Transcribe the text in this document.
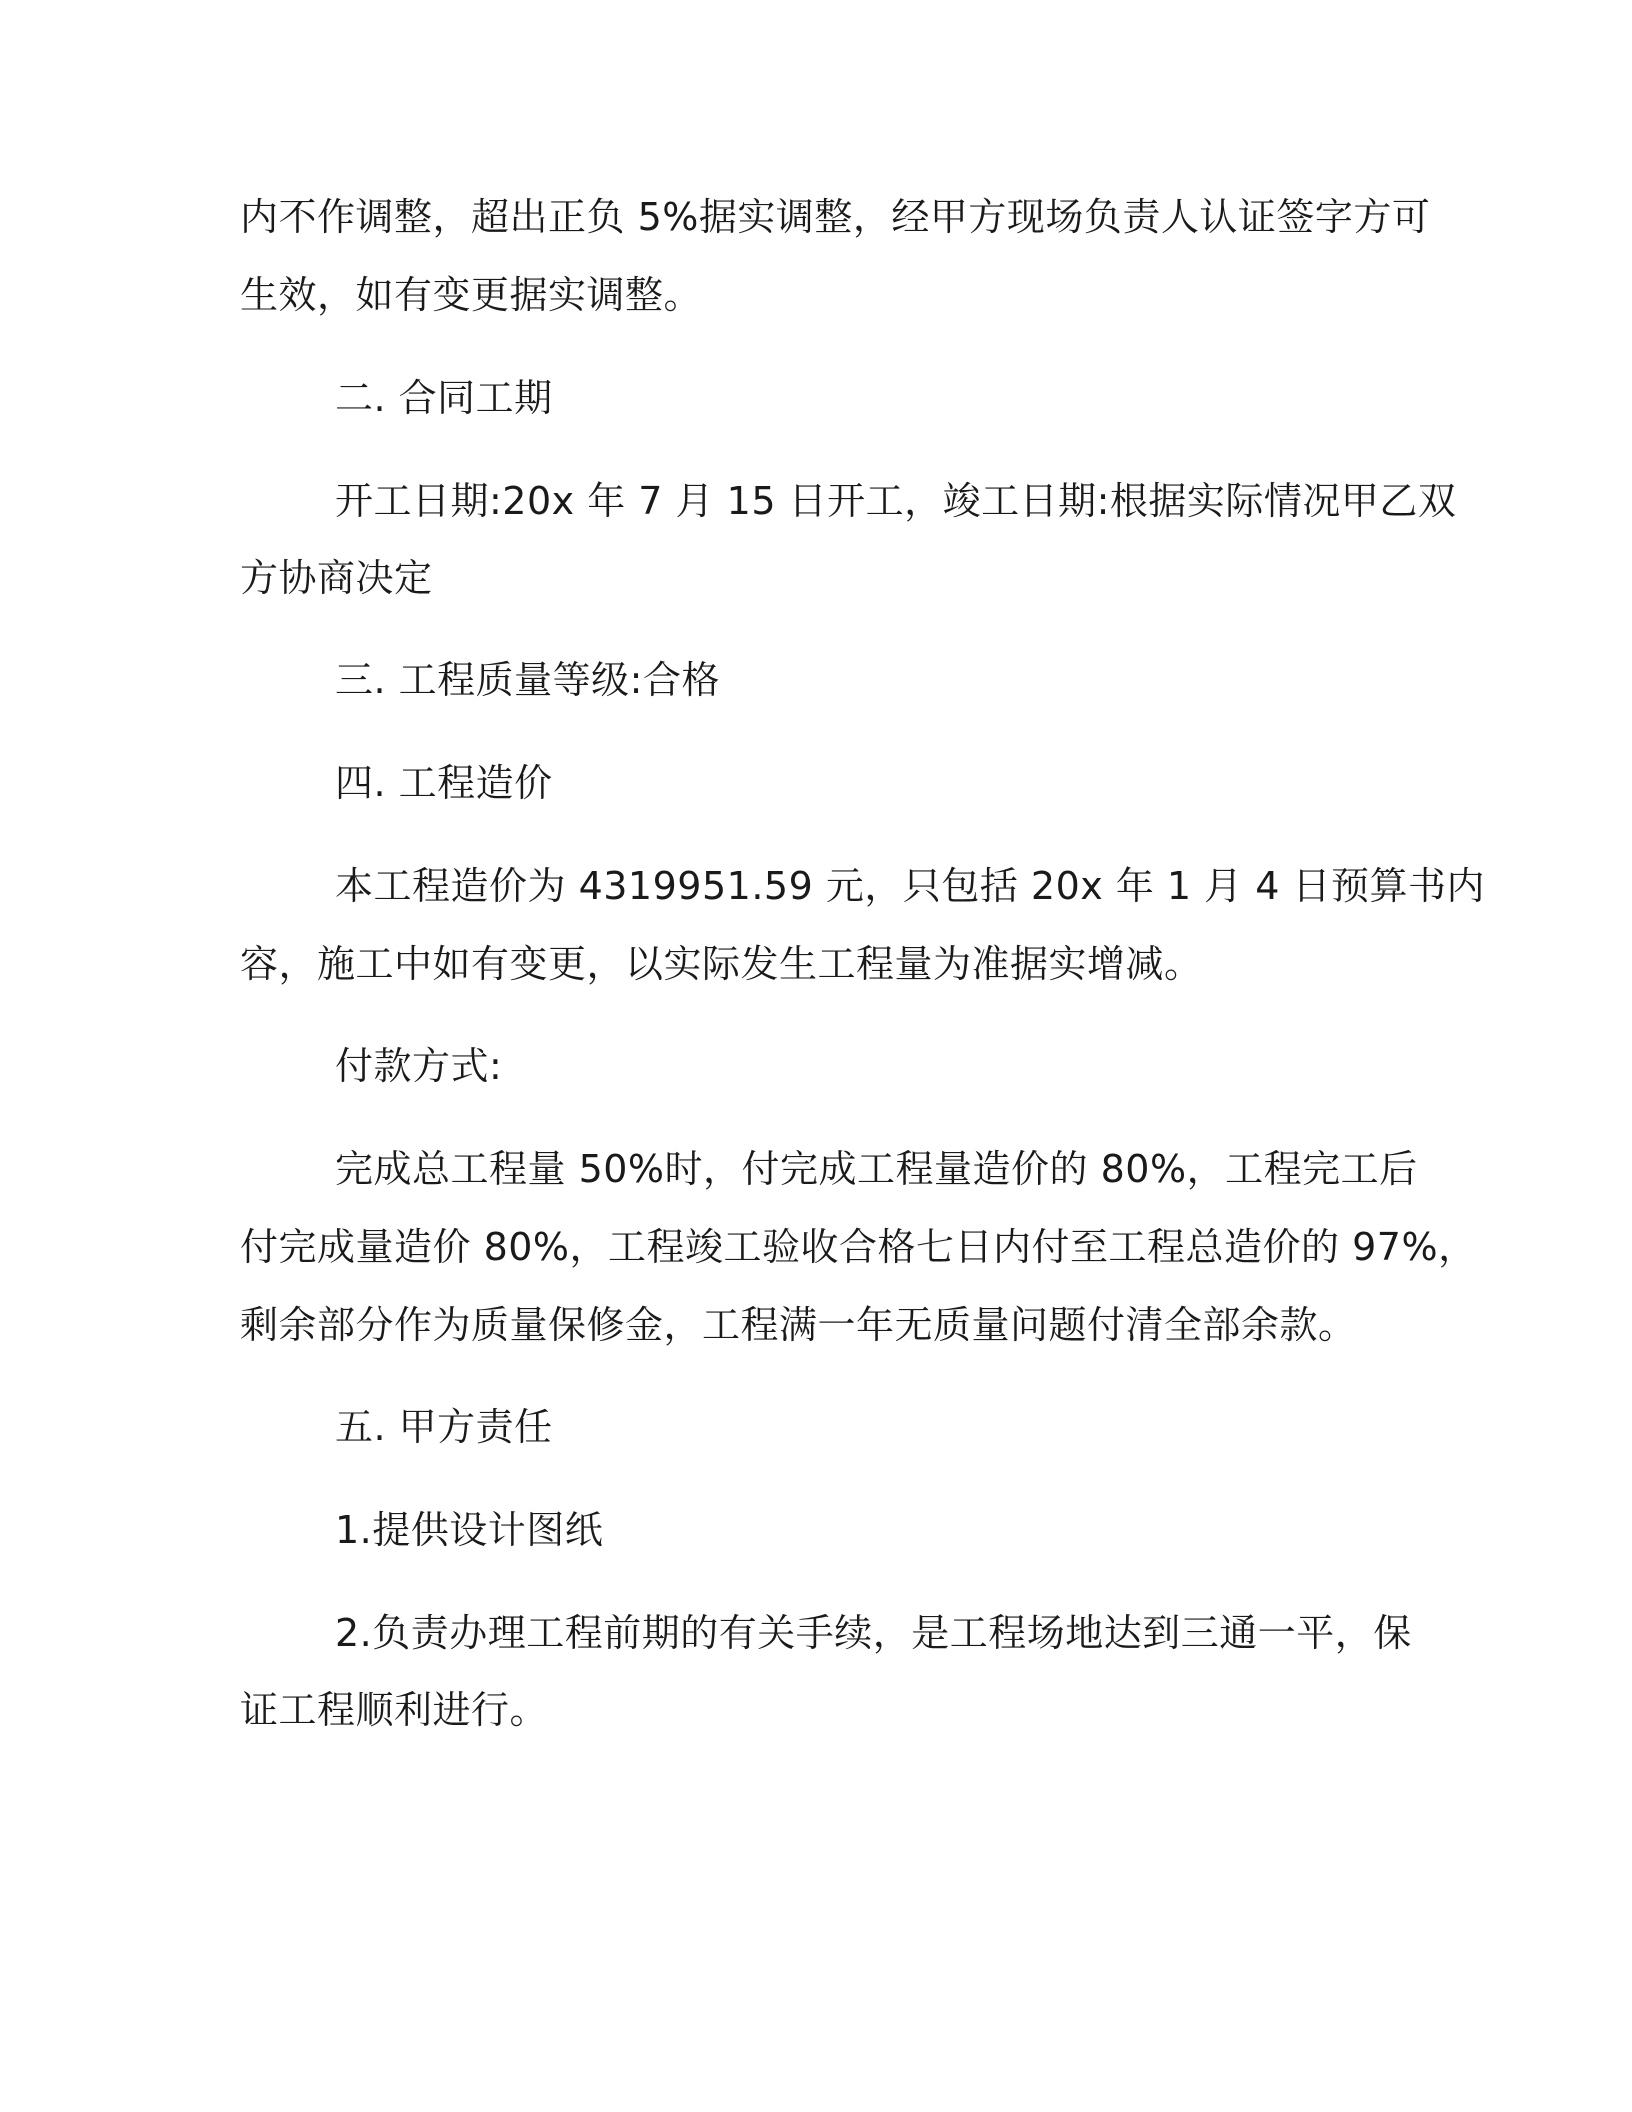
内不作调整，超出正负 5%据实调整，经甲方现场负责人认证签字方可
生效，如有变更据实调整。
二. 合同工期
开工日期:20x 年 7 月 15 日开工，竣工日期:根据实际情况甲乙双
方协商决定
三. 工程质量等级:合格
四. 工程造价
本工程造价为 4319951.59 元，只包括 20x 年 1 月 4 日预算书内
容，施工中如有变更，以实际发生工程量为准据实增减。
付款方式:
完成总工程量 50%时，付完成工程量造价的 80%，工程完工后
付完成量造价 80%，工程竣工验收合格七日内付至工程总造价的 97%，
剩余部分作为质量保修金，工程满一年无质量问题付清全部余款。
五. 甲方责任
1.提供设计图纸
2.负责办理工程前期的有关手续，是工程场地达到三通一平，保
证工程顺利进行。
